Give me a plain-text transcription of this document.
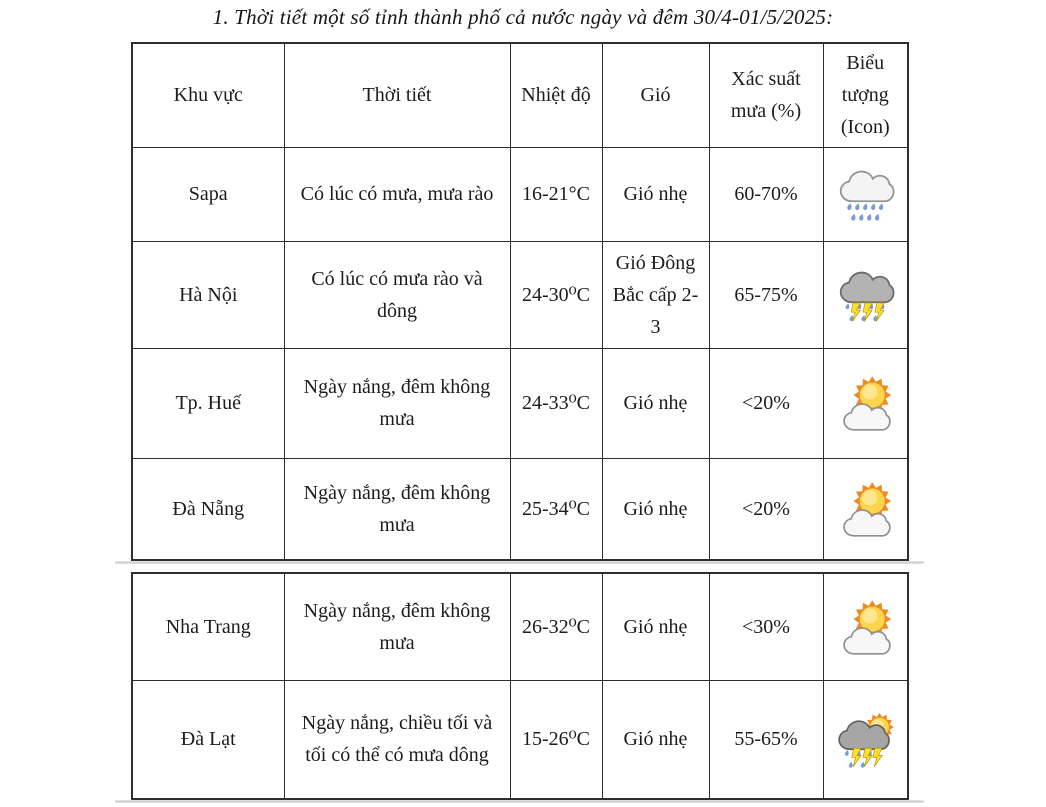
1. Thời tiết một số tỉnh thành phố cả nước ngày và đêm 30/4-01/5/2025:
Khu vực	Thời tiết	Nhiệt độ	Gió	Xác suất mưa (%)	Biểu tượng (Icon)
Sapa	Có lúc có mưa, mưa rào	16-21°C	Gió nhẹ	60-70%	
Hà Nội	Có lúc có mưa rào và dông	24-30⁰C	Gió Đông Bắc cấp 2-3	65-75%	
Tp. Huế	Ngày nắng, đêm không mưa	24-33⁰C	Gió nhẹ	<20%	
Đà Nẵng	Ngày nắng, đêm không mưa	25-34⁰C	Gió nhẹ	<20%	
Nha Trang	Ngày nắng, đêm không mưa	26-32⁰C	Gió nhẹ	<30%	
Đà Lạt	Ngày nắng, chiều tối và tối có thể có mưa dông	15-26⁰C	Gió nhẹ	55-65%	
